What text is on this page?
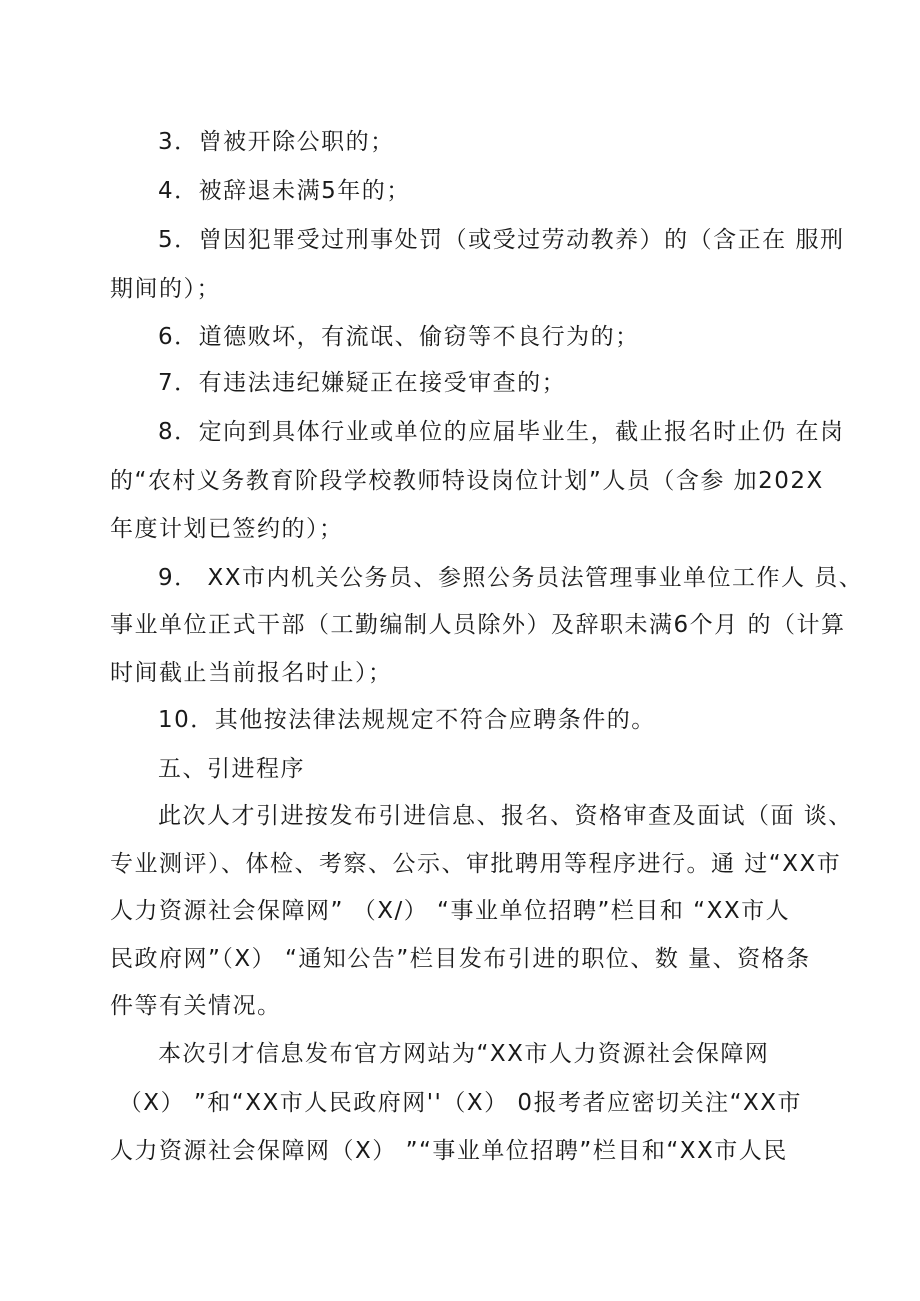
3．曾被开除公职的；
4．被辞退未满5年的；
5．曾因犯罪受过刑事处罚（或受过劳动教养）的（含正在 服刑
期间的）；
6．道德败坏，有流氓、偷窃等不良行为的；
7．有违法违纪嫌疑正在接受审查的；
8．定向到具体行业或单位的应届毕业生，截止报名时止仍 在岗
的“农村义务教育阶段学校教师特设岗位计划”人员（含参 加202X
年度计划已签约的）；
9． XX市内机关公务员、参照公务员法管理事业单位工作人 员、
事业单位正式干部（工勤编制人员除外）及辞职未满6个月 的（计算
时间截止当前报名时止）；
10．其他按法律法规规定不符合应聘条件的。
五、引进程序
此次人才引进按发布引进信息、报名、资格审查及面试（面 谈、
专业测评）、体检、考察、公示、审批聘用等程序进行。通 过“XX市
人力资源社会保障网” （X/） “事业单位招聘”栏目和 “XX市人
民政府网”（X） “通知公告”栏目发布引进的职位、数 量、资格条
件等有关情况。
本次引才信息发布官方网站为“XX市人力资源社会保障网
（X） ”和“XX市人民政府网''（X） 0报考者应密切关注“XX市
人力资源社会保障网（X） ”“事业单位招聘”栏目和“XX市人民
